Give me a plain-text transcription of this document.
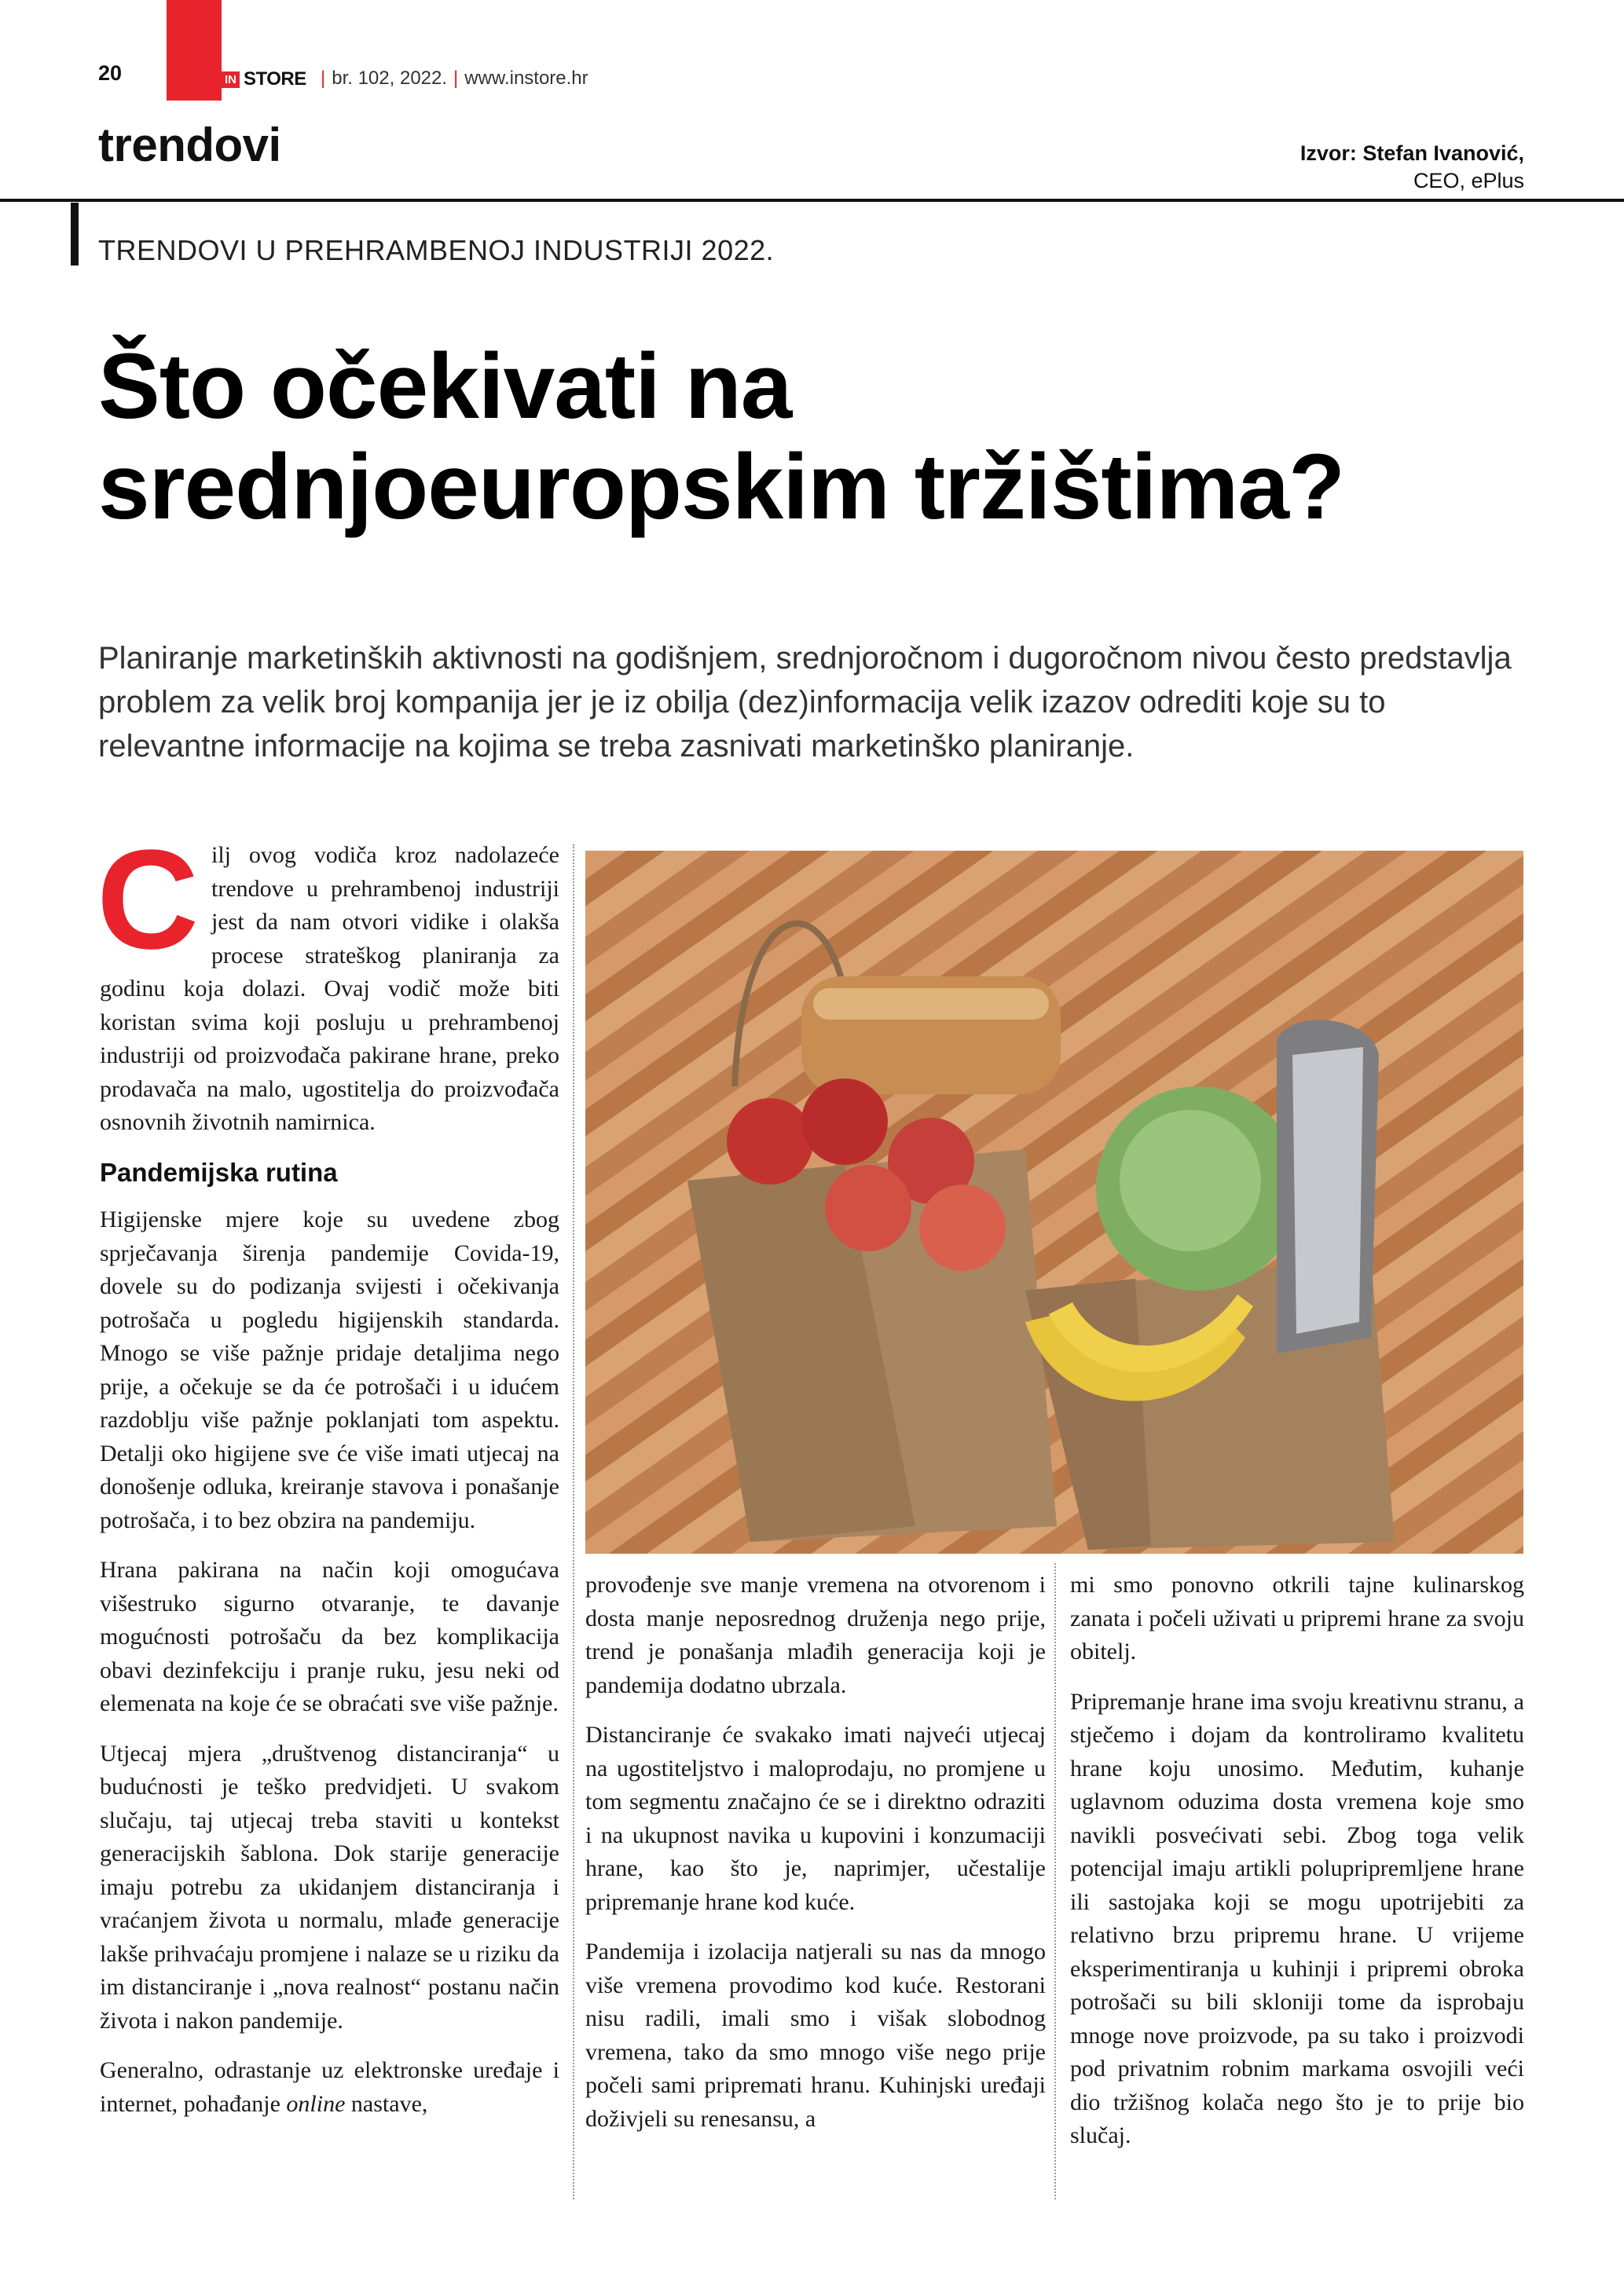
20	IN STORE | br. 102, 2022. | www.instore.hr
trendovi	Izvor: Stefan Ivanović,
CEO, ePlus
TRENDOVI U PREHRAMBENOJ INDUSTRIJI 2022.
Što očekivati na srednjoeuropskim tržištima?
Planiranje marketinških aktivnosti na godišnjem, srednjoročnom i dugoročnom nivou često predstavlja problem za velik broj kompanija jer je iz obilja (dez)informacija velik izazov odrediti koje su to relevantne informacije na kojima se treba zasnivati marketinško planiranje.

Cilj ovog vodiča kroz nadolazeće trendove u prehrambenoj industriji jest da nam otvori vidike i olakša procese strateškog planiranja za godinu koja dolazi. Ovaj vodič može biti koristan svima koji posluju u prehrambenoj industriji od proizvođača pakirane hrane, preko prodavača na malo, ugostitelja do proizvođača osnovnih životnih namirnica.

Pandemijska rutina

Higijenske mjere koje su uvedene zbog sprječavanja širenja pandemije Covida-19, dovele su do podizanja svijesti i očekivanja potrošača u pogledu higijenskih standarda. Mnogo se više pažnje pridaje detaljima nego prije, a očekuje se da će potrošači i u idućem razdoblju više pažnje poklanjati tom aspektu. Detalji oko higijene sve će više imati utjecaj na donošenje odluka, kreiranje stavova i ponašanje potrošača, i to bez obzira na pandemiju.

Hrana pakirana na način koji omogućava višestruko sigurno otvaranje, te davanje mogućnosti potrošaču da bez komplikacija obavi dezinfekciju i pranje ruku, jesu neki od elemenata na koje će se obraćati sve više pažnje.

Utjecaj mjera „društvenog distanciranja“ u budućnosti je teško predvidjeti. U svakom slučaju, taj utjecaj treba staviti u kontekst generacijskih šablona. Dok starije generacije imaju potrebu za ukidanjem distanciranja i vraćanjem života u normalu, mlađe generacije lakše prihvaćaju promjene i nalaze se u riziku da im distanciranje i „nova realnost“ postanu način života i nakon pandemije.

Generalno, odrastanje uz elektronske uređaje i internet, pohađanje online nastave,

provođenje sve manje vremena na otvorenom i dosta manje neposrednog druženja nego prije, trend je ponašanja mlađih generacija koji je pandemija dodatno ubrzala.

Distanciranje će svakako imati najveći utjecaj na ugostiteljstvo i maloprodaju, no promjene u tom segmentu značajno će se i direktno odraziti i na ukupnost navika u kupovini i konzumaciji hrane, kao što je, naprimjer, učestalije pripremanje hrane kod kuće.

Pandemija i izolacija natjerali su nas da mnogo više vremena provodimo kod kuće. Restorani nisu radili, imali smo i višak slobodnog vremena, tako da smo mnogo više nego prije počeli sami pripremati hranu. Kuhinjski uređaji doživjeli su renesansu, a

mi smo ponovno otkrili tajne kulinarskog zanata i počeli uživati u pripremi hrane za svoju obitelj.

Pripremanje hrane ima svoju kreativnu stranu, a stječemo i dojam da kontroliramo kvalitetu hrane koju unosimo. Međutim, kuhanje uglavnom oduzima dosta vremena koje smo navikli posvećivati sebi. Zbog toga velik potencijal imaju artikli polupripremljene hrane ili sastojaka koji se mogu upotrijebiti za relativno brzu pripremu hrane. U vrijeme eksperimentiranja u kuhinji i pripremi obroka potrošači su bili skloniji tome da isprobaju mnoge nove proizvode, pa su tako i proizvodi pod privatnim robnim markama osvojili veći dio tržišnog kolača nego što je to prije bio slučaj.
